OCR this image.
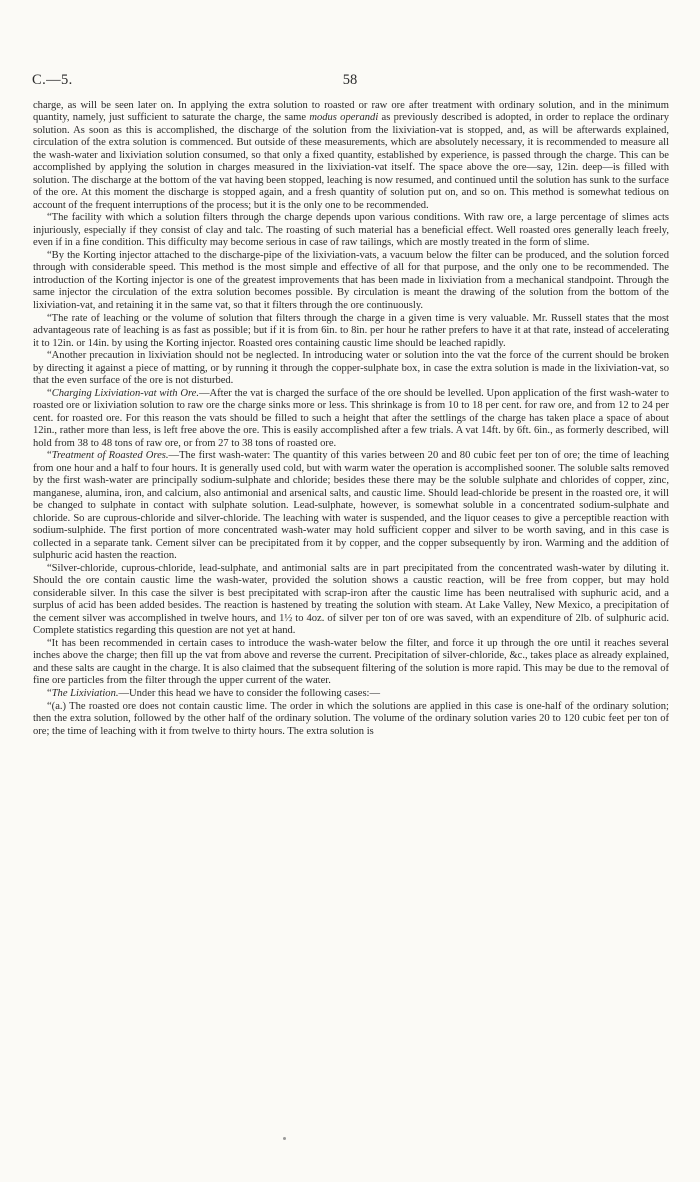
C.—5.	58

charge, as will be seen later on. In applying the extra solution to roasted or raw ore after treatment with ordinary solution, and in the minimum quantity, namely, just sufficient to saturate the charge, the same modus operandi as previously described is adopted, in order to replace the ordinary solution. As soon as this is accomplished, the discharge of the solution from the lixiviation-vat is stopped, and, as will be afterwards explained, circulation of the extra solution is commenced. But outside of these measurements, which are absolutely necessary, it is recommended to measure all the wash-water and lixiviation solution consumed, so that only a fixed quantity, established by experience, is passed through the charge. This can be accomplished by applying the solution in charges measured in the lixiviation-vat itself. The space above the ore—say, 12in. deep—is filled with solution. The discharge at the bottom of the vat having been stopped, leaching is now resumed, and continued until the solution has sunk to the surface of the ore. At this moment the discharge is stopped again, and a fresh quantity of solution put on, and so on. This method is somewhat tedious on account of the frequent interruptions of the process; but it is the only one to be recommended.

“The facility with which a solution filters through the charge depends upon various conditions. With raw ore, a large percentage of slimes acts injuriously, especially if they consist of clay and talc. The roasting of such material has a beneficial effect. Well roasted ores generally leach freely, even if in a fine condition. This difficulty may become serious in case of raw tailings, which are mostly treated in the form of slime.

“By the Korting injector attached to the discharge-pipe of the lixiviation-vats, a vacuum below the filter can be produced, and the solution forced through with considerable speed. This method is the most simple and effective of all for that purpose, and the only one to be recommended. The introduction of the Korting injector is one of the greatest improvements that has been made in lixiviation from a mechanical standpoint. Through the same injector the circulation of the extra solution becomes possible. By circulation is meant the drawing of the solution from the bottom of the lixiviation-vat, and retaining it in the same vat, so that it filters through the ore continuously.

“The rate of leaching or the volume of solution that filters through the charge in a given time is very valuable. Mr. Russell states that the most advantageous rate of leaching is as fast as possible; but if it is from 6in. to 8in. per hour he rather prefers to have it at that rate, instead of accelerating it to 12in. or 14in. by using the Korting injector. Roasted ores containing caustic lime should be leached rapidly.

“Another precaution in lixiviation should not be neglected. In introducing water or solution into the vat the force of the current should be broken by directing it against a piece of matting, or by running it through the copper-sulphate box, in case the extra solution is made in the lixiviation-vat, so that the even surface of the ore is not disturbed.

“Charging Lixiviation-vat with Ore.—After the vat is charged the surface of the ore should be levelled. Upon application of the first wash-water to roasted ore or lixiviation solution to raw ore the charge sinks more or less. This shrinkage is from 10 to 18 per cent. for raw ore, and from 12 to 24 per cent. for roasted ore. For this reason the vats should be filled to such a height that after the settlings of the charge has taken place a space of about 12in., rather more than less, is left free above the ore. This is easily accomplished after a few trials. A vat 14ft. by 6ft. 6in., as formerly described, will hold from 38 to 48 tons of raw ore, or from 27 to 38 tons of roasted ore.

“Treatment of Roasted Ores.—The first wash-water: The quantity of this varies between 20 and 80 cubic feet per ton of ore; the time of leaching from one hour and a half to four hours. It is generally used cold, but with warm water the operation is accomplished sooner. The soluble salts removed by the first wash-water are principally sodium-sulphate and chloride; besides these there may be the soluble sulphate and chlorides of copper, zinc, manganese, alumina, iron, and calcium, also antimonial and arsenical salts, and caustic lime. Should lead-chloride be present in the roasted ore, it will be changed to sulphate in contact with sulphate solution. Lead-sulphate, however, is somewhat soluble in a concentrated sodium-sulphate and chloride. So are cuprous-chloride and silver-chloride. The leaching with water is suspended, and the liquor ceases to give a perceptible reaction with sodium-sulphide. The first portion of more concentrated wash-water may hold sufficient copper and silver to be worth saving, and in this case is collected in a separate tank. Cement silver can be precipitated from it by copper, and the copper subsequently by iron. Warming and the addition of sulphuric acid hasten the reaction.

“Silver-chloride, cuprous-chloride, lead-sulphate, and antimonial salts are in part precipitated from the concentrated wash-water by diluting it. Should the ore contain caustic lime the wash-water, provided the solution shows a caustic reaction, will be free from copper, but may hold considerable silver. In this case the silver is best precipitated with scrap-iron after the caustic lime has been neutralised with suphuric acid, and a surplus of acid has been added besides. The reaction is hastened by treating the solution with steam. At Lake Valley, New Mexico, a precipitation of the cement silver was accomplished in twelve hours, and 1½ to 4oz. of silver per ton of ore was saved, with an expenditure of 2lb. of sulphuric acid. Complete statistics regarding this question are not yet at hand.

“It has been recommended in certain cases to introduce the wash-water below the filter, and force it up through the ore until it reaches several inches above the charge; then fill up the vat from above and reverse the current. Precipitation of silver-chloride, &c., takes place as already explained, and these salts are caught in the charge. It is also claimed that the subsequent filtering of the solution is more rapid. This may be due to the removal of fine ore particles from the filter through the upper current of the water.

“The Lixiviation.—Under this head we have to consider the following cases:—

“(a.) The roasted ore does not contain caustic lime. The order in which the solutions are applied in this case is one-half of the ordinary solution; then the extra solution, followed by the other half of the ordinary solution. The volume of the ordinary solution varies 20 to 120 cubic feet per ton of ore; the time of leaching with it from twelve to thirty hours. The extra solution is
